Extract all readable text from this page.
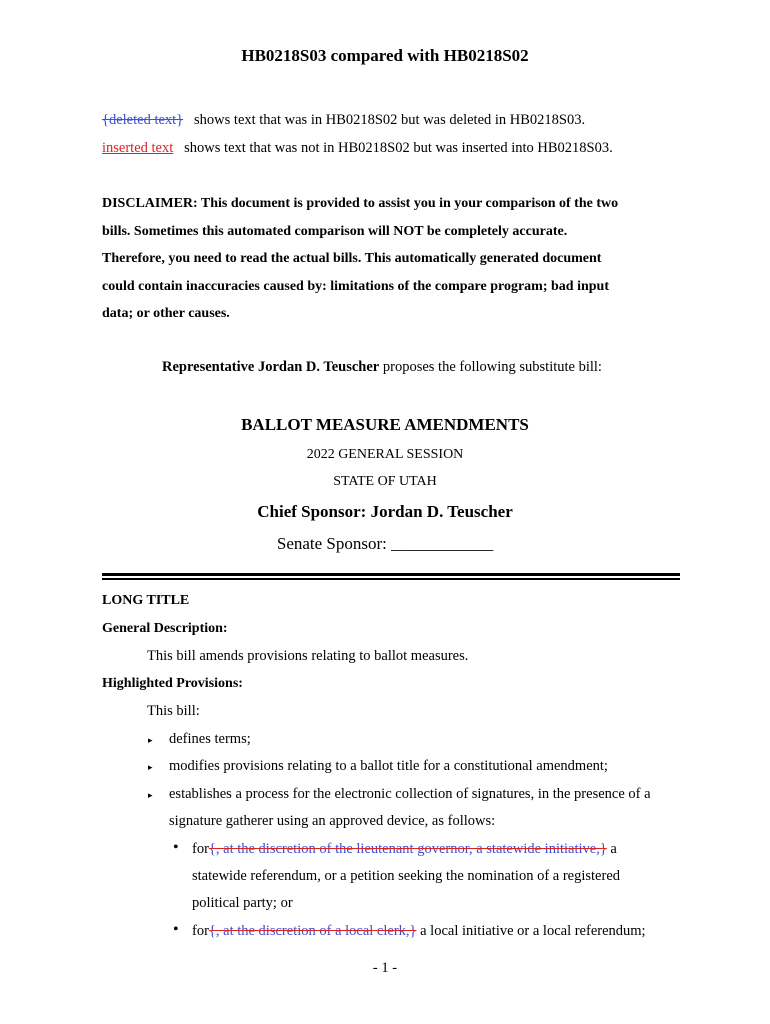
HB0218S03 compared with HB0218S02
{deleted text} shows text that was in HB0218S02 but was deleted in HB0218S03.
inserted text shows text that was not in HB0218S02 but was inserted into HB0218S03.
DISCLAIMER: This document is provided to assist you in your comparison of the two
bills. Sometimes this automated comparison will NOT be completely accurate.
Therefore, you need to read the actual bills. This automatically generated document
could contain inaccuracies caused by: limitations of the compare program; bad input
data; or other causes.
Representative Jordan D. Teuscher proposes the following substitute bill:
BALLOT MEASURE AMENDMENTS
2022 GENERAL SESSION
STATE OF UTAH
Chief Sponsor: Jordan D. Teuscher
Senate Sponsor: ____________
LONG TITLE
General Description:
This bill amends provisions relating to ballot measures.
Highlighted Provisions:
This bill:
▸ defines terms;
▸ modifies provisions relating to a ballot title for a constitutional amendment;
▸ establishes a process for the electronic collection of signatures, in the presence of a
signature gatherer using an approved device, as follows:
• for{, at the discretion of the lieutenant governor, a statewide initiative,} a
statewide referendum, or a petition seeking the nomination of a registered
political party; or
• for{, at the discretion of a local clerk,} a local initiative or a local referendum;
- 1 -
